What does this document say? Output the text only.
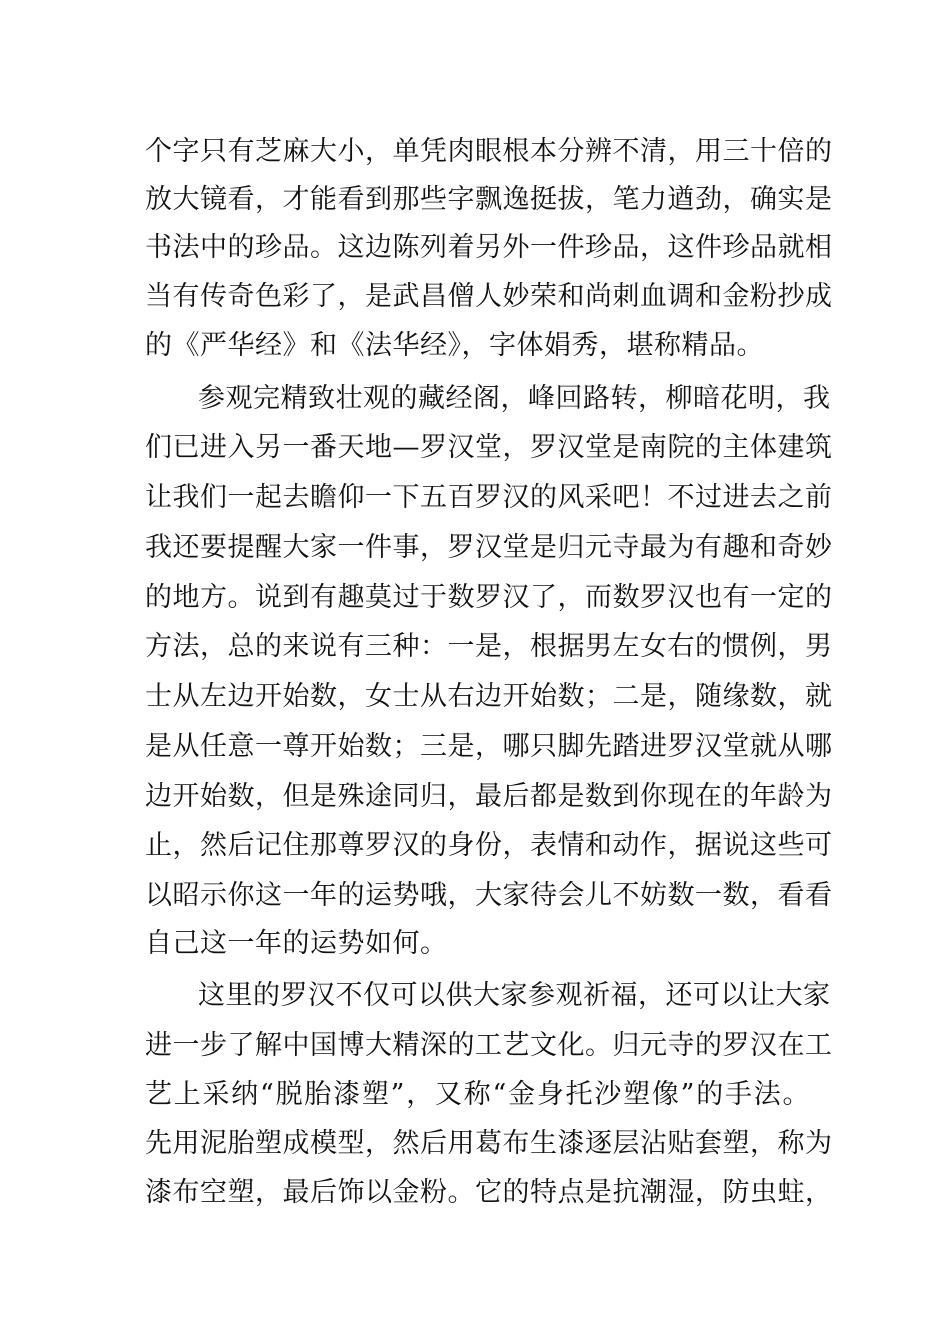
个字只有芝麻大小，单凭肉眼根本分辨不清，用三十倍的
放大镜看，才能看到那些字飘逸挺拔，笔力遒劲，确实是
书法中的珍品。这边陈列着另外一件珍品，这件珍品就相
当有传奇色彩了，是武昌僧人妙荣和尚刺血调和金粉抄成
的《严华经》和《法华经》，字体娟秀，堪称精品。
参观完精致壮观的藏经阁，峰回路转，柳暗花明，我
们已进入另一番天地—罗汉堂，罗汉堂是南院的主体建筑
让我们一起去瞻仰一下五百罗汉的风采吧！不过进去之前
我还要提醒大家一件事，罗汉堂是归元寺最为有趣和奇妙
的地方。说到有趣莫过于数罗汉了，而数罗汉也有一定的
方法，总的来说有三种：一是，根据男左女右的惯例，男
士从左边开始数，女士从右边开始数；二是，随缘数，就
是从任意一尊开始数；三是，哪只脚先踏进罗汉堂就从哪
边开始数，但是殊途同归，最后都是数到你现在的年龄为
止，然后记住那尊罗汉的身份，表情和动作，据说这些可
以昭示你这一年的运势哦，大家待会儿不妨数一数，看看
自己这一年的运势如何。
这里的罗汉不仅可以供大家参观祈福，还可以让大家
进一步了解中国博大精深的工艺文化。归元寺的罗汉在工
艺上采纳“脱胎漆塑”，又称“金身托沙塑像”的手法。
先用泥胎塑成模型，然后用葛布生漆逐层沾贴套塑，称为
漆布空塑，最后饰以金粉。它的特点是抗潮湿，防虫蛀，
